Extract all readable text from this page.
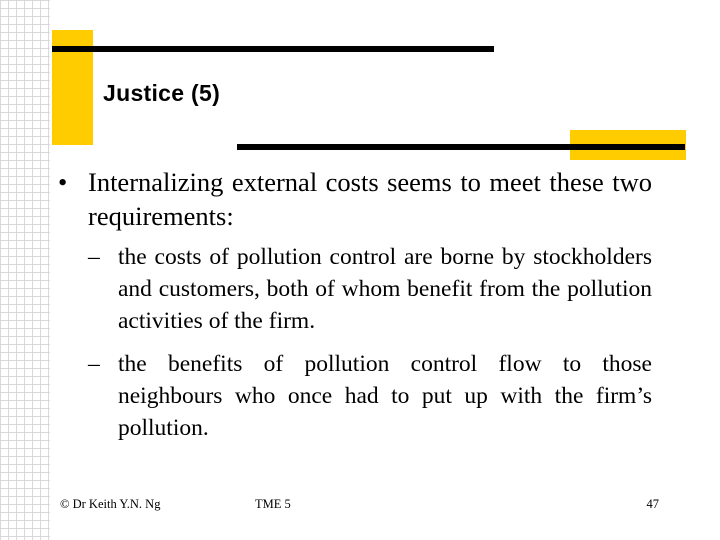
Justice (5)
• Internalizing external costs seems to meet these two requirements:
– the costs of pollution control are borne by stockholders and customers, both of whom benefit from the pollution activities of the firm.
– the benefits of pollution control flow to those neighbours who once had to put up with the firm’s pollution.
© Dr Keith Y.N. Ng	TME 5	47
